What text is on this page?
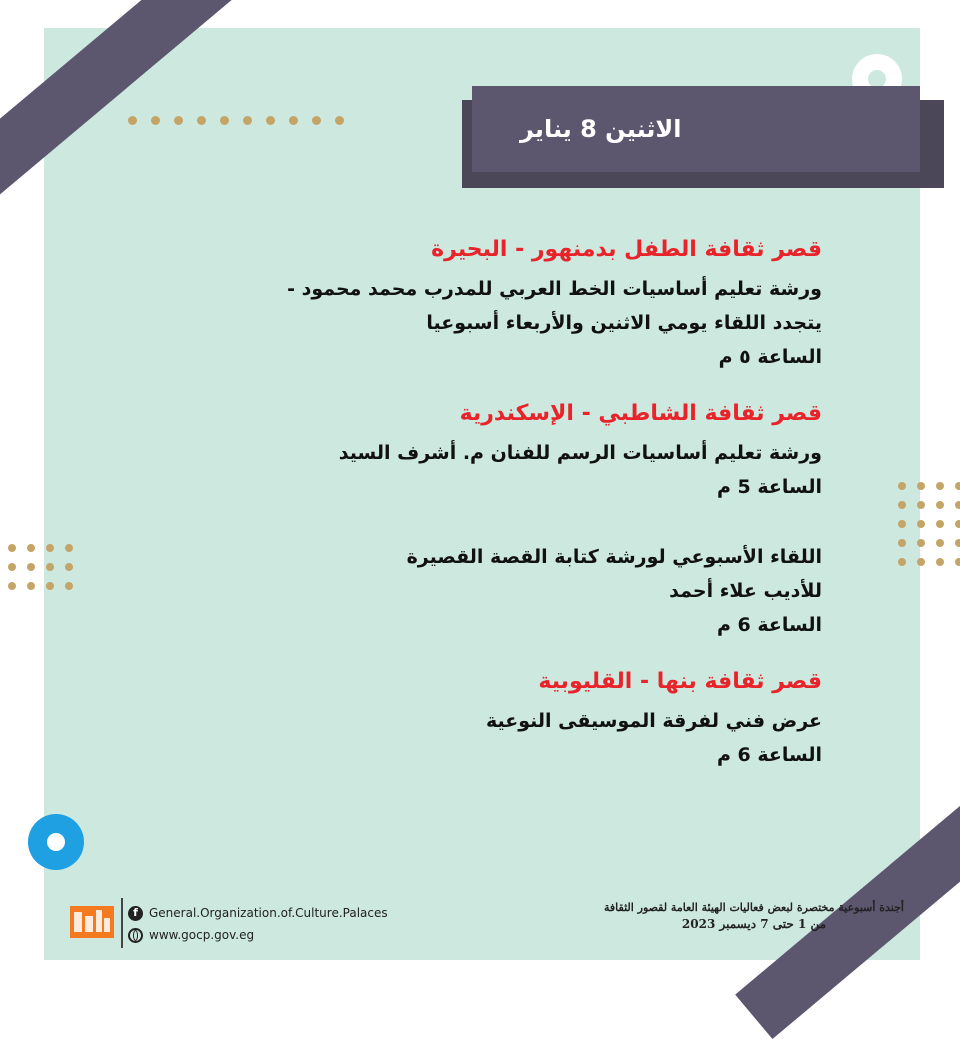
الاثنين 8 يناير

قصر ثقافة الطفل بدمنهور - البحيرة

ورشة تعليم أساسيات الخط العربي للمدرب محمد محمود -

يتجدد اللقاء يومي الاثنين والأربعاء أسبوعيا

الساعة ٥ م

قصر ثقافة الشاطبي - الإسكندرية

ورشة تعليم أساسيات الرسم للفنان م. أشرف السيد

الساعة 5 م

اللقاء الأسبوعي لورشة كتابة القصة القصيرة

للأديب علاء أحمد

الساعة 6 م

قصر ثقافة بنها - القليوبية

عرض فني لفرقة الموسيقى النوعية

الساعة 6 م

f General.Organization.of.Culture.Palaces
www.gocp.gov.eg
أجندة أسبوعية مختصرة لبعض فعاليات الهيئة العامة لقصور الثقافة
من 1 حتى 7 ديسمبر 2023
